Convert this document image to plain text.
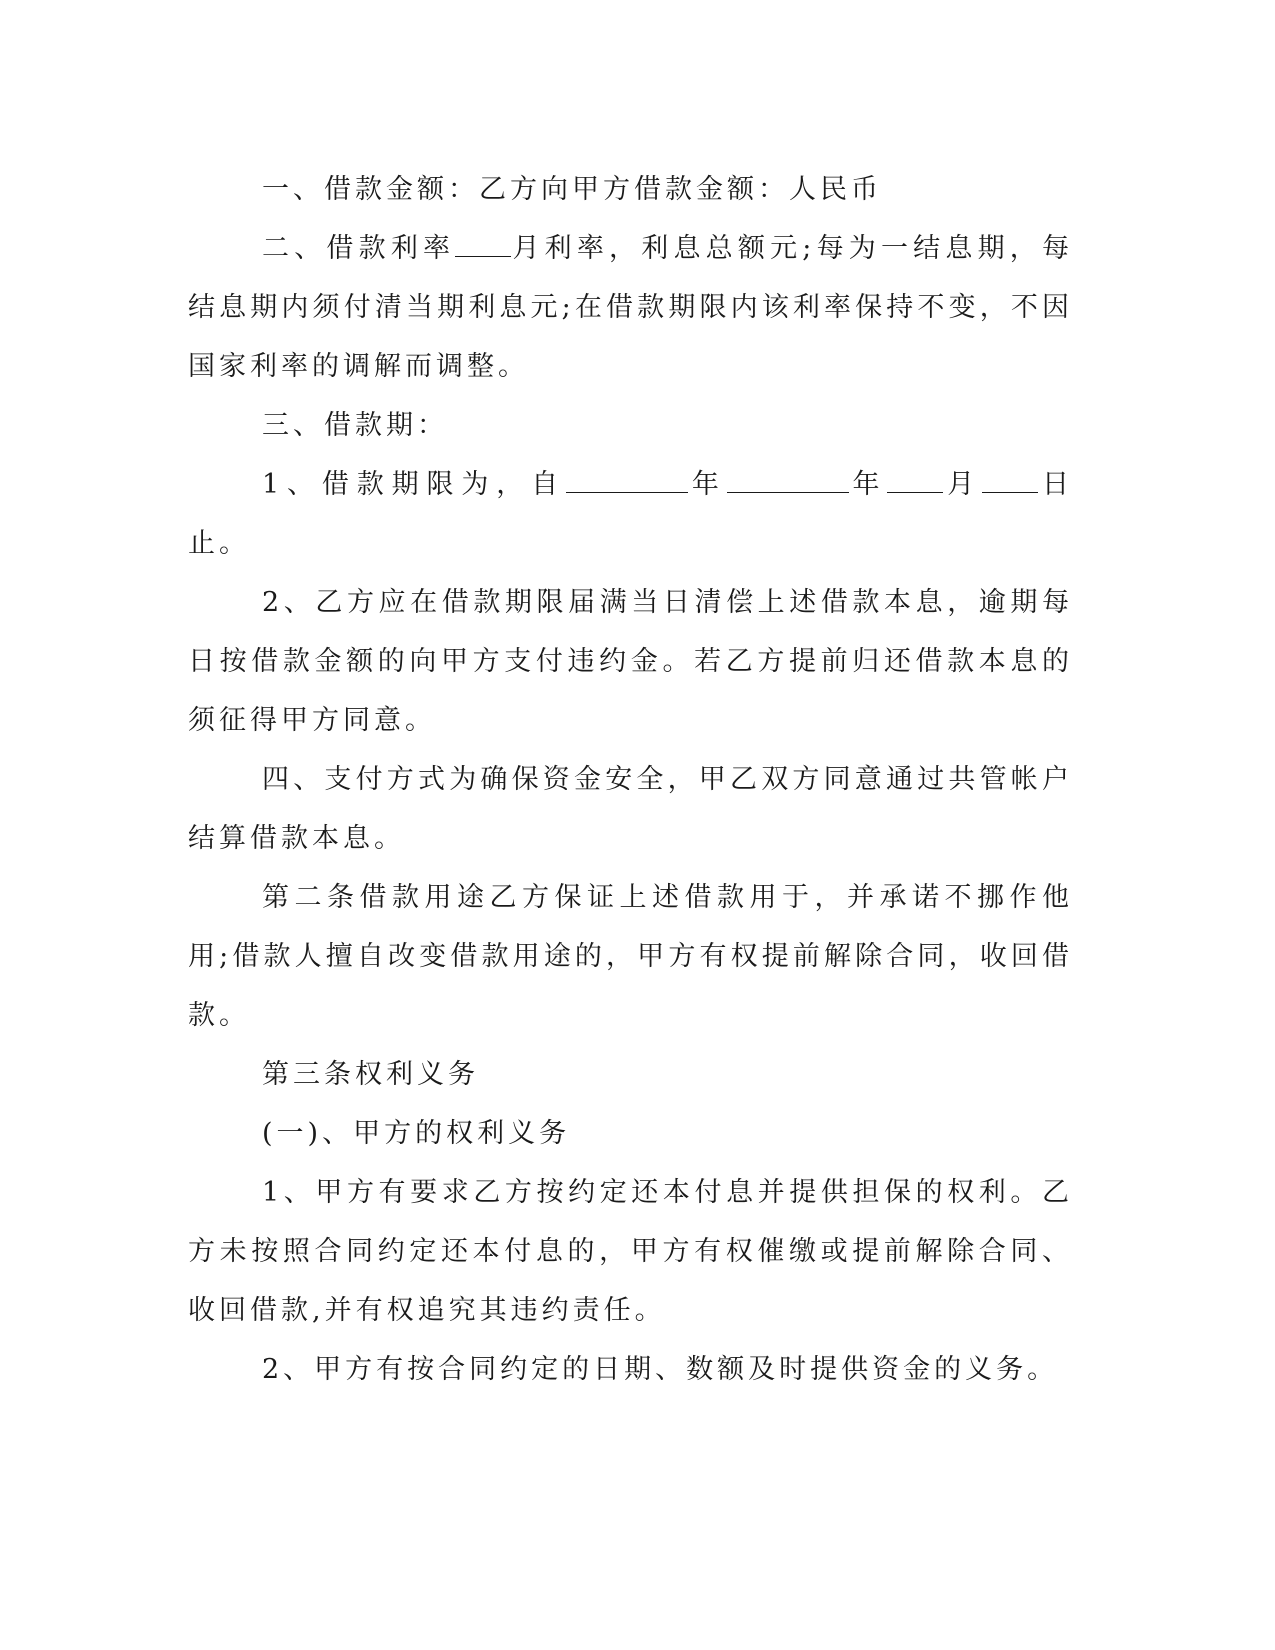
一、借款金额：乙方向甲方借款金额：人民币

二、借款利率 月利率，利息总额元;每为一结息期，每结息期内须付清当期利息元;在借款期限内该利率保持不变，不因国家利率的调解而调整。

三、借款期：

1、借款期限为，自	年	年 月 日止。

2、乙方应在借款期限届满当日清偿上述借款本息，逾期每日按借款金额的向甲方支付违约金。若乙方提前归还借款本息的须征得甲方同意。

四、支付方式为确保资金安全，甲乙双方同意通过共管帐户结算借款本息。

第二条借款用途乙方保证上述借款用于，并承诺不挪作他用;借款人擅自改变借款用途的，甲方有权提前解除合同，收回借款。

第三条权利义务

(一)、甲方的权利义务

1、甲方有要求乙方按约定还本付息并提供担保的权利。乙方未按照合同约定还本付息的，甲方有权催缴或提前解除合同、收回借款,并有权追究其违约责任。

2、甲方有按合同约定的日期、数额及时提供资金的义务。
